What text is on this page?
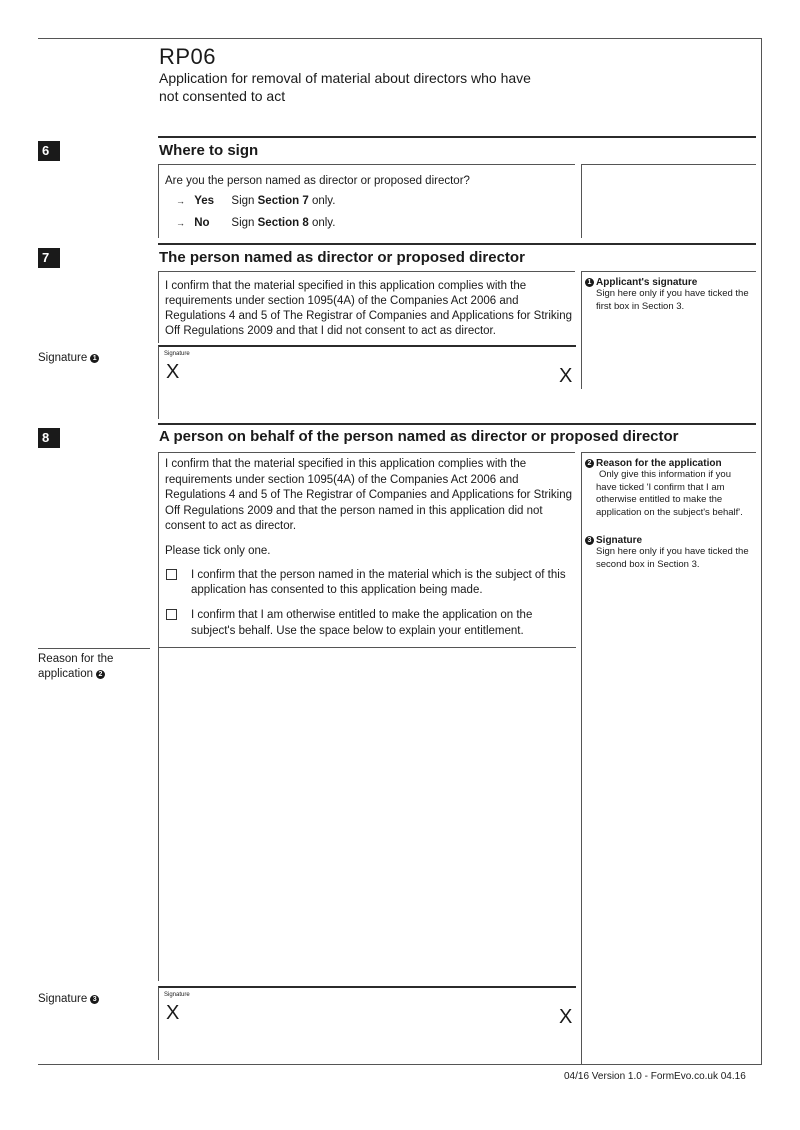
RP06
Application for removal of material about directors who have
not consented to act
6	Where to sign
Are you the person named as director or proposed director?
→ Yes Sign Section 7 only.
→ No Sign Section 8 only.
7	The person named as director or proposed director
I confirm that the material specified in this application complies with the
requirements under section 1095(4A) of the Companies Act 2006 and
Regulations 4 and 5 of The Registrar of Companies and Applications for Striking
Off Regulations 2009 and that I did not consent to act as director.
Signature 1
Signature
X	X
1 Applicant's signature
Sign here only if you have ticked the
first box in Section 3.
8	A person on behalf of the person named as director or proposed director
I confirm that the material specified in this application complies with the
requirements under section 1095(4A) of the Companies Act 2006 and
Regulations 4 and 5 of The Registrar of Companies and Applications for Striking
Off Regulations 2009 and that the person named in this application did not
consent to act as director.
Please tick only one.
I confirm that the person named in the material which is the subject of this
application has consented to this application being made.
I confirm that I am otherwise entitled to make the application on the
subject's behalf. Use the space below to explain your entitlement.
Reason for the
application 2
Signature 3
Signature
X	X
2 Reason for the application
Only give this information if you
have ticked 'I confirm that I am
otherwise entitled to make the
application on the subject's behalf'.
3 Signature
Sign here only if you have ticked the
second box in Section 3.
04/16 Version 1.0 - FormEvo.co.uk 04.16
